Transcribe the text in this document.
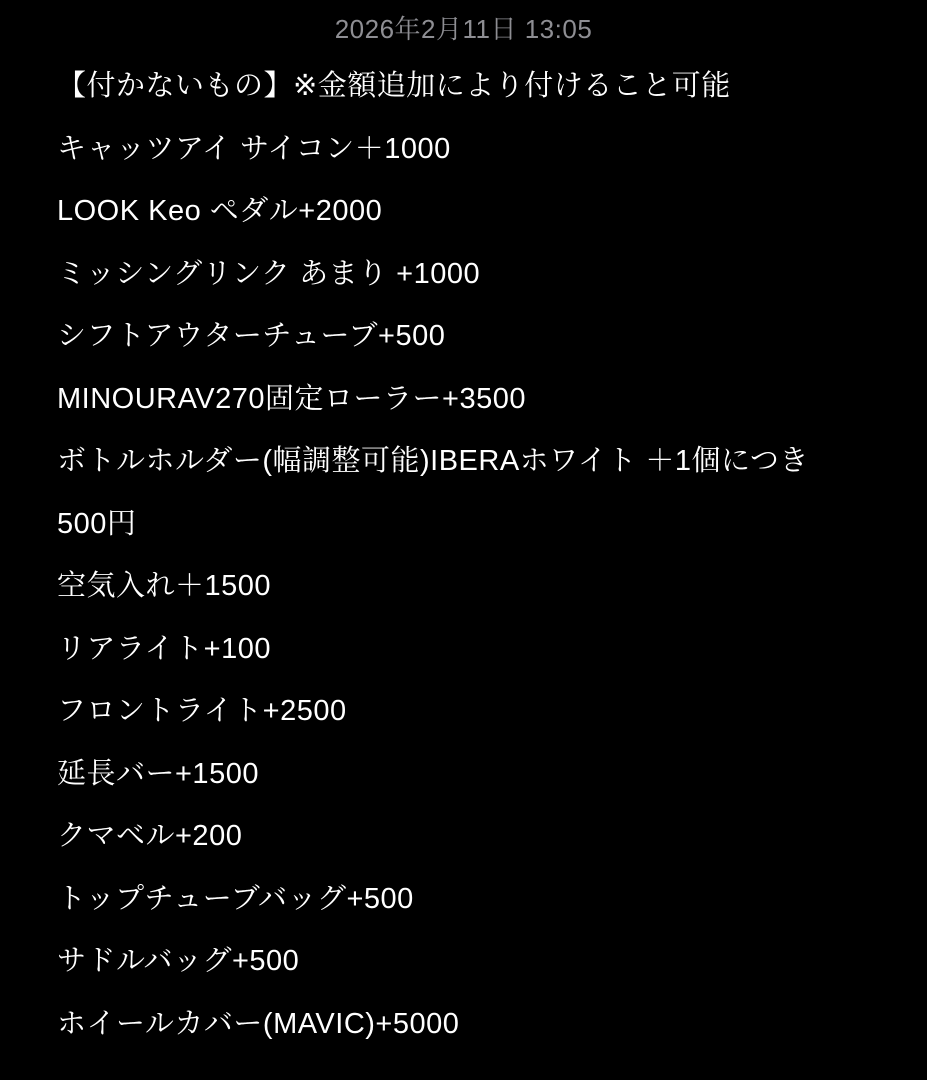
2026年2月11日 13:05
【付かないもの】※金額追加により付けること可能
キャッツアイ サイコン＋1000
LOOK Keo ペダル+2000
ミッシングリンク あまり +1000
シフトアウターチューブ+500
MINOURAV270固定ローラー+3500
ボトルホルダー(幅調整可能)IBERAホワイト ＋1個につき
500円
空気入れ＋1500
リアライト+100
フロントライト+2500
延長バー+1500
クマベル+200
トップチューブバッグ+500
サドルバッグ+500
ホイールカバー(MAVIC)+5000
